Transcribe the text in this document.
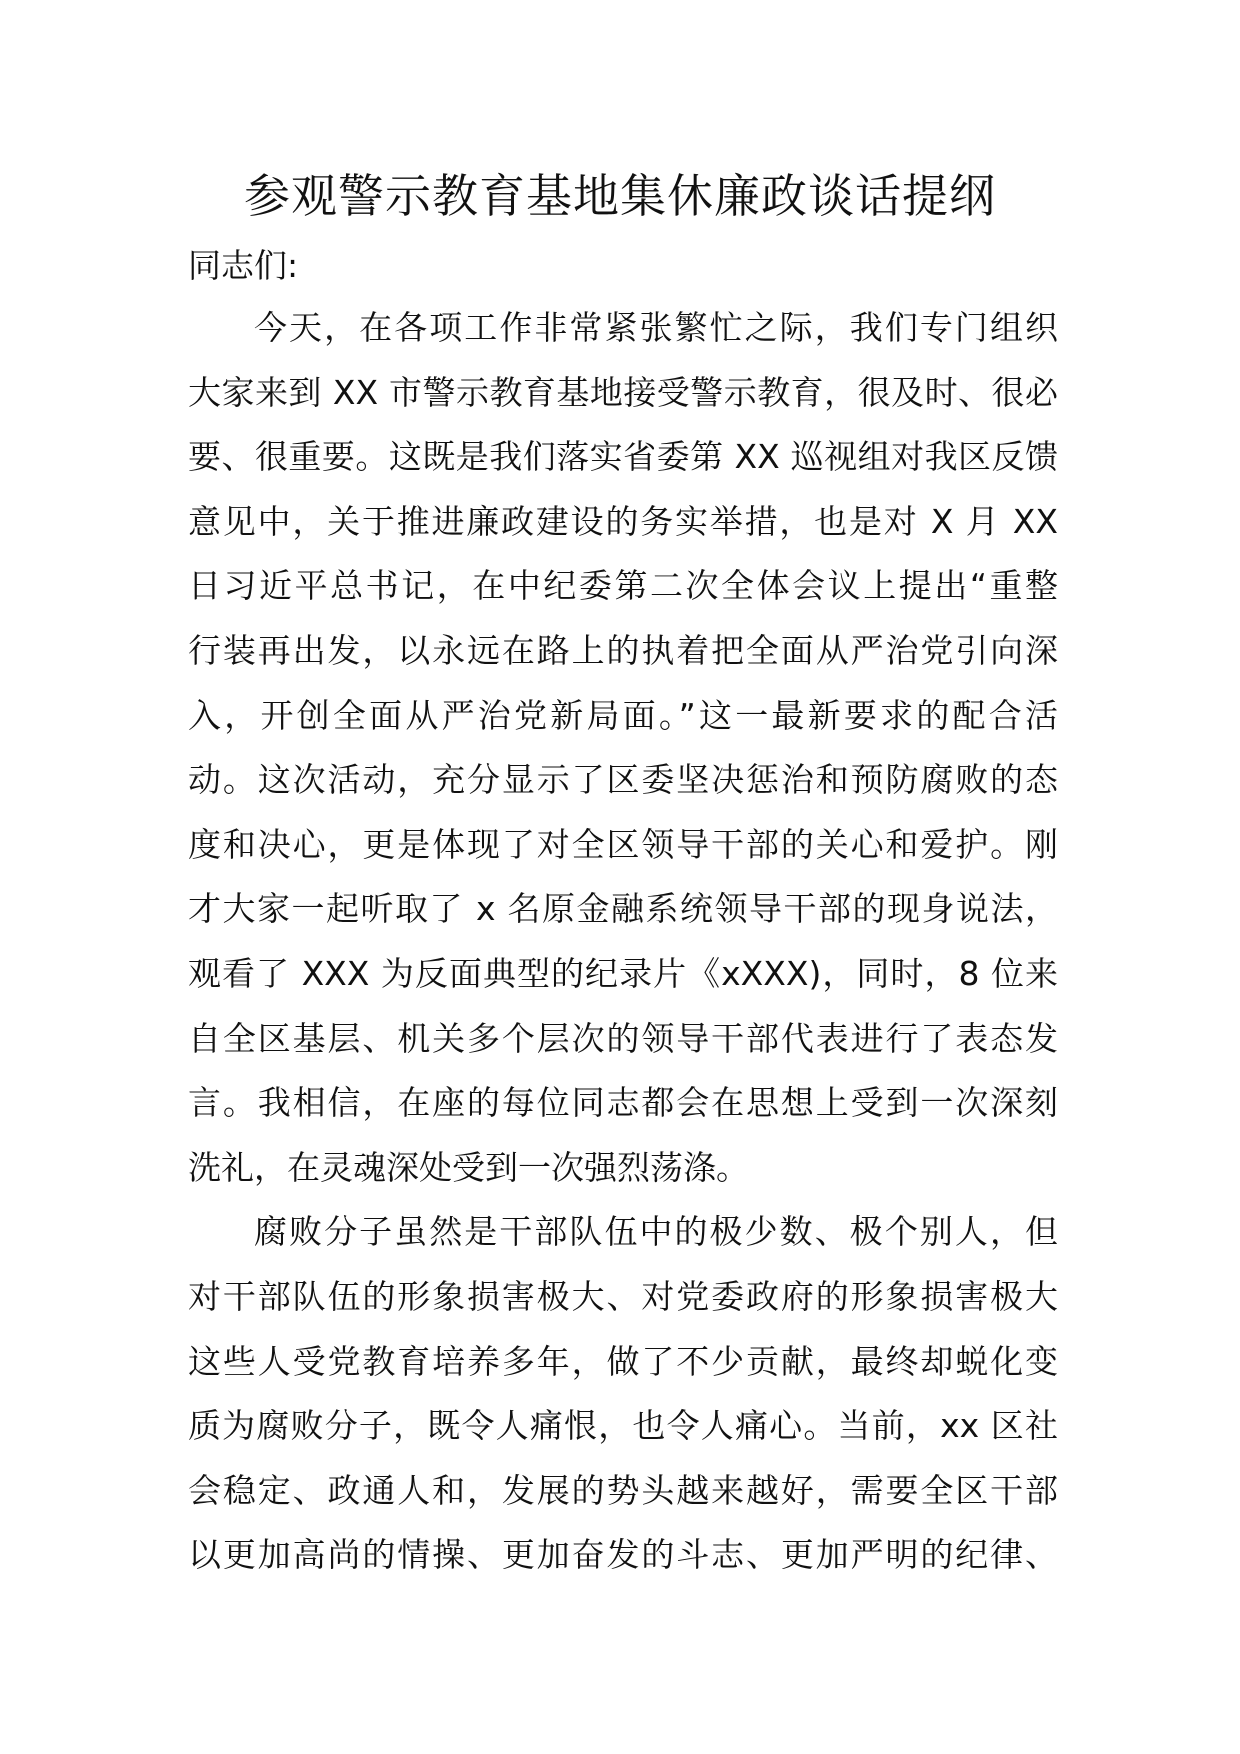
参观警示教育基地集休廉政谈话提纲
同志们:
今天，在各项工作非常紧张繁忙之际，我们专门组织
大家来到 XX 市警示教育基地接受警示教育，很及时、很必
要、很重要。这既是我们落实省委第 XX 巡视组对我区反馈
意见中，关于推进廉政建设的务实举措，也是对 X 月 XX
日习近平总书记，在中纪委第二次全体会议上提出“重整
行装再出发，以永远在路上的执着把全面从严治党引向深
入，开创全面从严治党新局面。”这一最新要求的配合活
动。这次活动，充分显示了区委坚决惩治和预防腐败的态
度和决心，更是体现了对全区领导干部的关心和爱护。刚
才大家一起听取了 x 名原金融系统领导干部的现身说法，
观看了 XXX 为反面典型的纪录片《xXXX)，同时，8 位来
自全区基层、机关多个层次的领导干部代表进行了表态发
言。我相信，在座的每位同志都会在思想上受到一次深刻
洗礼，在灵魂深处受到一次强烈荡涤。
腐败分子虽然是干部队伍中的极少数、极个别人，但
对干部队伍的形象损害极大、对党委政府的形象损害极大
这些人受党教育培养多年，做了不少贡献，最终却蜕化变
质为腐败分子，既令人痛恨，也令人痛心。当前，xx 区社
会稳定、政通人和，发展的势头越来越好，需要全区干部
以更加高尚的情操、更加奋发的斗志、更加严明的纪律、
